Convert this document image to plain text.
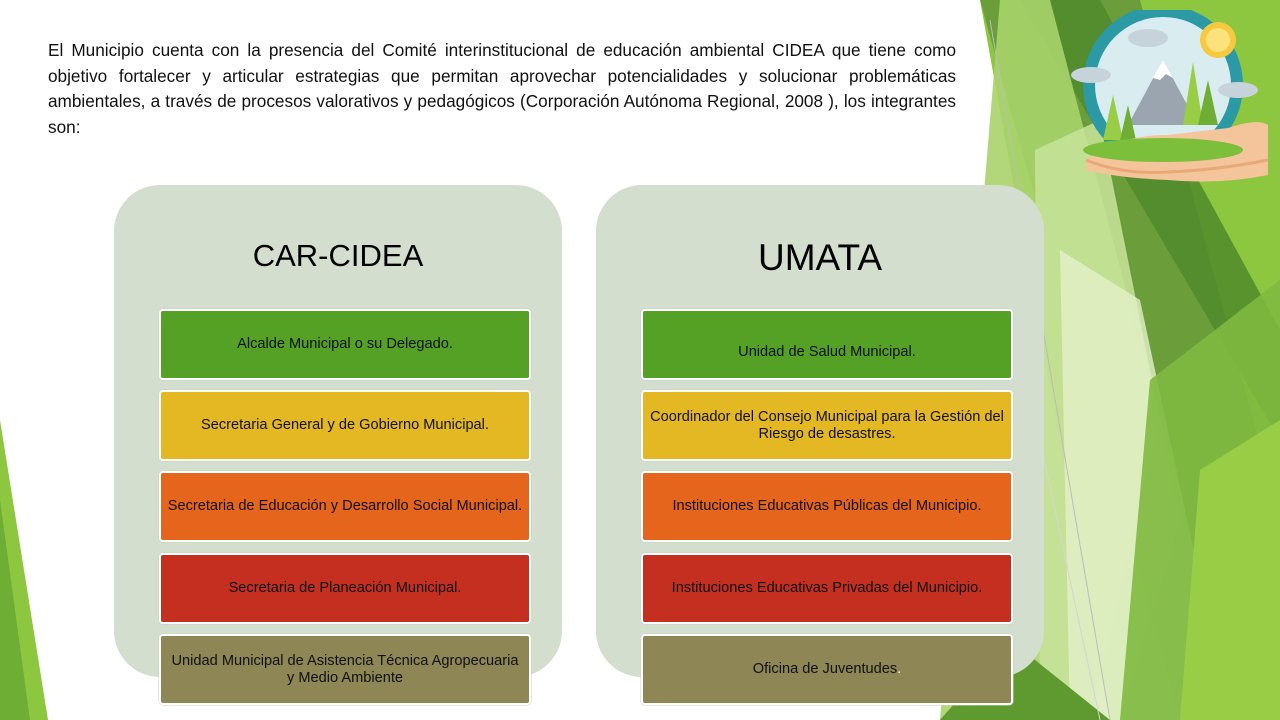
El Municipio cuenta con la presencia del Comité interinstitucional de educación ambiental CIDEA que tiene como objetivo fortalecer y articular estrategias que permitan aprovechar potencialidades y solucionar problemáticas ambientales, a través de procesos valorativos y pedagógicos (Corporación Autónoma Regional, 2008 ), los integrantes son:

CAR-CIDEA
Alcalde Municipal o su Delegado.
Secretaria General y de Gobierno Municipal.
Secretaria de Educación y Desarrollo Social Municipal.
Secretaria de Planeación Municipal.
Unidad Municipal de Asistencia Técnica Agropecuaria y Medio Ambiente
UMATA
Unidad de Salud Municipal.
Coordinador del Consejo Municipal para la Gestión del Riesgo de desastres.
Instituciones Educativas Públicas del Municipio.
Instituciones Educativas Privadas del Municipio.
Oficina de Juventudes.
